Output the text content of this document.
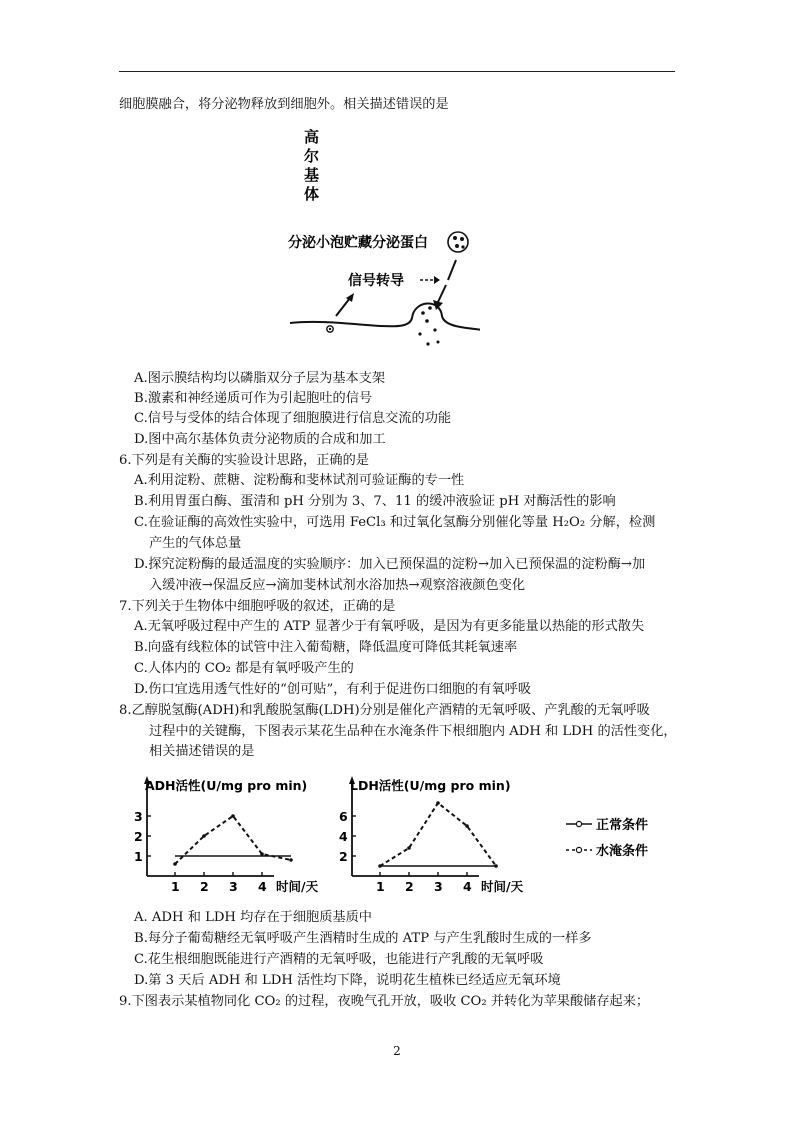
细胞膜融合，将分泌物释放到细胞外。相关描述错误的是
高
尔
基
体
分泌小泡贮藏分泌蛋白
信号转导
A.图示膜结构均以磷脂双分子层为基本支架
B.激素和神经递质可作为引起胞吐的信号
C.信号与受体的结合体现了细胞膜进行信息交流的功能
D.图中高尔基体负责分泌物质的合成和加工
6.下列是有关酶的实验设计思路，正确的是
A.利用淀粉、蔗糖、淀粉酶和斐林试剂可验证酶的专一性
B.利用胃蛋白酶、蛋清和 pH 分别为 3、7、11 的缓冲液验证 pH 对酶活性的影响
C.在验证酶的高效性实验中，可选用 FeCl₃ 和过氧化氢酶分别催化等量 H₂O₂ 分解，检测
产生的气体总量
D.探究淀粉酶的最适温度的实验顺序：加入已预保温的淀粉→加入已预保温的淀粉酶→加
入缓冲液→保温反应→滴加斐林试剂水浴加热→观察溶液颜色变化
7.下列关于生物体中细胞呼吸的叙述，正确的是
A.无氧呼吸过程中产生的 ATP 显著少于有氧呼吸，是因为有更多能量以热能的形式散失
B.向盛有线粒体的试管中注入葡萄糖，降低温度可降低其耗氧速率
C.人体内的 CO₂ 都是有氧呼吸产生的
D.伤口宜选用透气性好的“创可贴”，有利于促进伤口细胞的有氧呼吸
8.乙醇脱氢酶(ADH)和乳酸脱氢酶(LDH)分别是催化产酒精的无氧呼吸、产乳酸的无氧呼吸
过程中的关键酶，下图表示某花生品种在水淹条件下根细胞内 ADH 和 LDH 的活性变化，
相关描述错误的是
ADH活性(U/mg pro min)
1 2 3 4 时间/天
1
2
3
LDH活性(U/mg pro min)
1 2 3 4 时间/天
2
4
6
正常条件
水淹条件
A. ADH 和 LDH 均存在于细胞质基质中
B.每分子葡萄糖经无氧呼吸产生酒精时生成的 ATP 与产生乳酸时生成的一样多
C.花生根细胞既能进行产酒精的无氧呼吸，也能进行产乳酸的无氧呼吸
D.第 3 天后 ADH 和 LDH 活性均下降，说明花生植株已经适应无氧环境
9.下图表示某植物同化 CO₂ 的过程，夜晚气孔开放，吸收 CO₂ 并转化为苹果酸储存起来；
2
